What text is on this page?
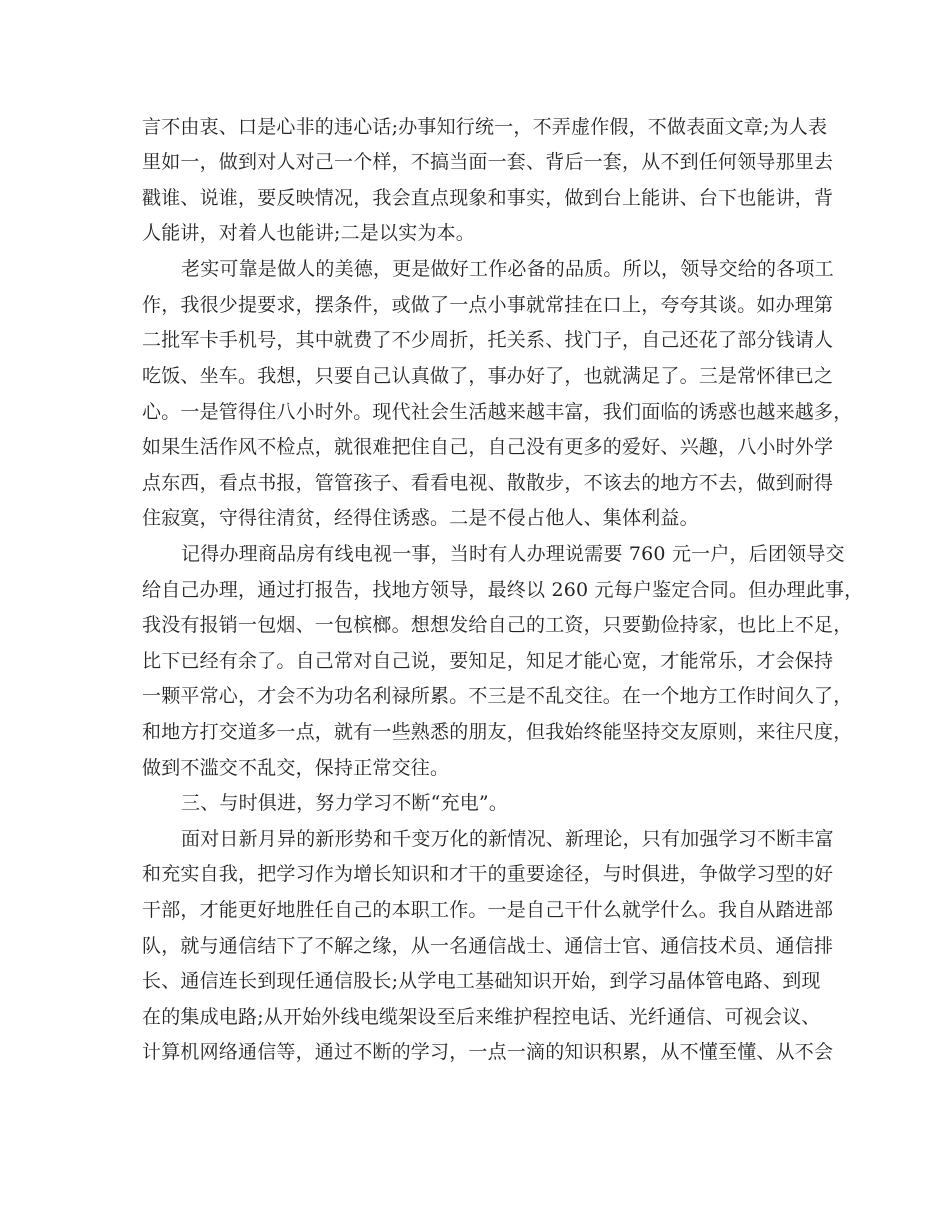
言不由衷、口是心非的违心话;办事知行统一，不弄虚作假，不做表面文章;为人表
里如一，做到对人对己一个样，不搞当面一套、背后一套，从不到任何领导那里去
戳谁、说谁，要反映情况，我会直点现象和事实，做到台上能讲、台下也能讲，背
人能讲，对着人也能讲;二是以实为本。
老实可靠是做人的美德，更是做好工作必备的品质。所以，领导交给的各项工
作，我很少提要求，摆条件，或做了一点小事就常挂在口上，夸夸其谈。如办理第
二批军卡手机号，其中就费了不少周折，托关系、找门子，自己还花了部分钱请人
吃饭、坐车。我想，只要自己认真做了，事办好了，也就满足了。三是常怀律已之
心。一是管得住八小时外。现代社会生活越来越丰富，我们面临的诱惑也越来越多，
如果生活作风不检点，就很难把住自己，自己没有更多的爱好、兴趣，八小时外学
点东西，看点书报，管管孩子、看看电视、散散步，不该去的地方不去，做到耐得
住寂寞，守得往清贫，经得住诱惑。二是不侵占他人、集体利益。
记得办理商品房有线电视一事，当时有人办理说需要 760 元一户，后团领导交
给自己办理，通过打报告，找地方领导，最终以 260 元每户鉴定合同。但办理此事，
我没有报销一包烟、一包槟榔。想想发给自己的工资，只要勤俭持家，也比上不足，
比下已经有余了。自己常对自己说，要知足，知足才能心宽，才能常乐，才会保持
一颗平常心，才会不为功名利禄所累。不三是不乱交往。在一个地方工作时间久了，
和地方打交道多一点，就有一些熟悉的朋友，但我始终能坚持交友原则，来往尺度，
做到不滥交不乱交，保持正常交往。
三、与时俱进，努力学习不断“充电”。
面对日新月异的新形势和千变万化的新情况、新理论，只有加强学习不断丰富
和充实自我，把学习作为增长知识和才干的重要途径，与时俱进，争做学习型的好
干部，才能更好地胜任自己的本职工作。一是自己干什么就学什么。我自从踏进部
队，就与通信结下了不解之缘，从一名通信战士、通信士官、通信技术员、通信排
长、通信连长到现任通信股长;从学电工基础知识开始，到学习晶体管电路、到现
在的集成电路;从开始外线电缆架设至后来维护程控电话、光纤通信、可视会议、
计算机网络通信等，通过不断的学习，一点一滴的知识积累，从不懂至懂、从不会
